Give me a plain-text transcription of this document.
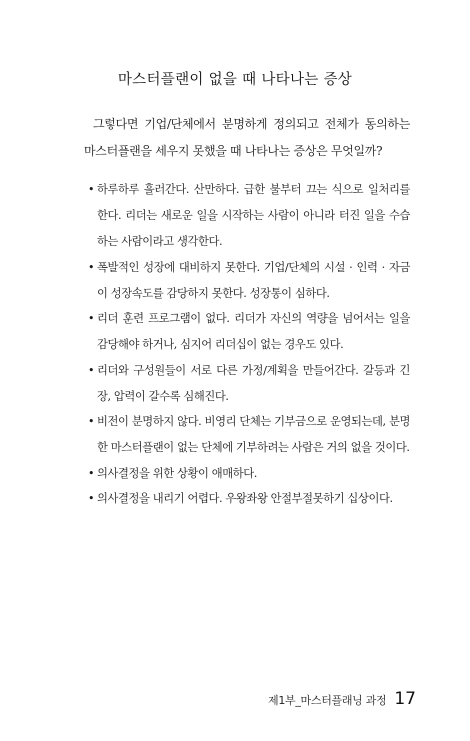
마스터플랜이 없을 때 나타나는 증상

그렇다면 기업/단체에서 분명하게 정의되고 전체가 동의하는 마스터플랜을 세우지 못했을 때 나타나는 증상은 무엇일까?

• 하루하루 흘러간다. 산만하다. 급한 불부터 끄는 식으로 일처리를 한다. 리더는 새로운 일을 시작하는 사람이 아니라 터진 일을 수습하는 사람이라고 생각한다.
• 폭발적인 성장에 대비하지 못한다. 기업/단체의 시설 · 인력 · 자금이 성장속도를 감당하지 못한다. 성장통이 심하다.
• 리더 훈련 프로그램이 없다. 리더가 자신의 역량을 넘어서는 일을 감당해야 하거나, 심지어 리더십이 없는 경우도 있다.
• 리더와 구성원들이 서로 다른 가정/계획을 만들어간다. 갈등과 긴장, 압력이 갈수록 심해진다.
• 비전이 분명하지 않다. 비영리 단체는 기부금으로 운영되는데, 분명한 마스터플랜이 없는 단체에 기부하려는 사람은 거의 없을 것이다.
• 의사결정을 위한 상황이 애매하다.
• 의사결정을 내리기 어렵다. 우왕좌왕 안절부절못하기 십상이다.
제1부_마스터플래닝 과정 17
